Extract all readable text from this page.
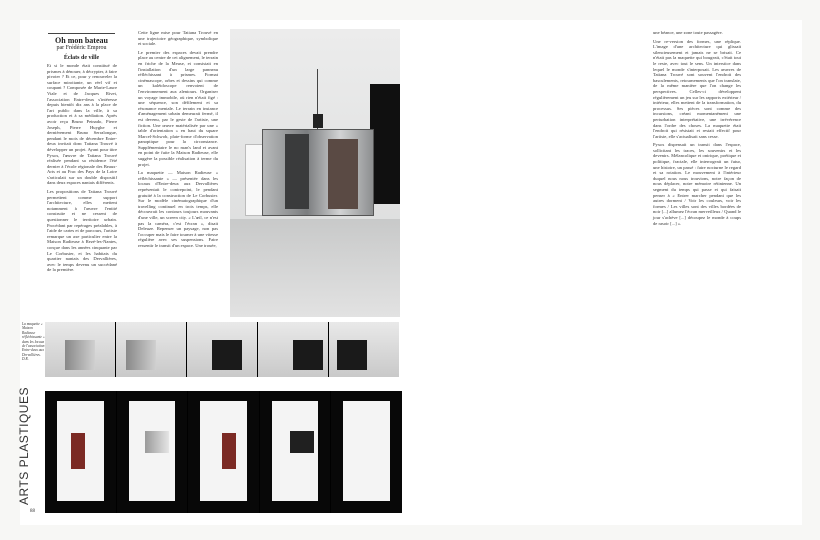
Oh mon bateau
par Frédéric Emprou
Éclats de ville

Et si le monde était constitué de prismes à dénouer, à décrypter, à faire pivoter ? Et ce, pour y renouveler la surface miroitante, un réel vif et coupant ? Composée de Marie-Laure Viale et de Jacques Rivet, l'association Entre-deux s'intéresse depuis bientôt dix ans à la place de l'art public dans la ville, à sa production et à sa médiation. Après avoir reçu Bruno Peinado, Pierre Joseph, Pierre Huyghe et dernièrement Bruno Serralongue, pendant le mois de décembre Entre-deux invitait donc Tatiana Trouvé à développer un projet. Ayant pour titre Pyxos, l'œuvre de Tatiana Trouvé réalisée pendant sa résidence l'été dernier à l'école régionale des Beaux-Arts et au Frac des Pays de la Loire s'articulait sur un double dispositif dans deux espaces nantais différents.

Les propositions de Tatiana Trouvé permettent comme support l'architecture, elles mettent notamment à l'œuvre l'entité construite et ne cessent de questionner le territoire urbain. Procédant par repérages préalables, à l'aide de cartes et de parcours, l'artiste remarque un axe particulier entre la Maison Radieuse à Rezé-les-Nantes, conçue dans les années cinquante par Le Corbusier, et les habitats du quartier nantais des Dervallières, avec le temps devenu un succédané de la première.

Cette ligne mise pour Tatiana Trouvé en une trajectoire géographique, symbolique et sociale.

Le premier des espaces devait prendre place au centre de cet alignement, le terrain en friche de la Meuse, et consistait en l'installation d'un large panneau réfléchissant à prismes. Format cinémascope, orbes et dessins qui comme un kaléidoscope renvoient de l'environnement aux alentours. Organiser un voyage immobile, où rien n'était figé : une séquence, son défilement et sa résonance mentale. Le terrain en instance d'aménagement urbain demeurait fermé, il est devenu, par le geste de l'artiste, une fiction. Une œuvre matérialisée par une « table d'orientation » en haut du square Marcel-Schwob, plate-forme d'observation panoptique pour la circonstance. Supplémentaire le no man's land et avant en point de fuite la Maison Radieuse, elle suggère la possible réalisation à terme du projet.

La maquette — Maison Radieuse « réfléchissante » — présentée dans les locaux d'Entre-deux aux Dervallières représentait le contrepoint, le pendant gratuité à la construction de Le Corbusier. Sur le modèle cinématographique d'un travelling continuel en trois temps, elle découvrait les contours toujours mouvants d'une ville, un screen city. « L'œil, ce n'est pas la caméra, c'est l'écran », disait Deleuze. Repenser un paysage, non pas l'occuper mais le faire tourner à une vitesse régulière avec ses suspensions. Faire ressentir le transit d'un espace. Une trouée,

une béance, une zone toute passagère.

Une re-version des formes, une réplique. L'image d'une architecture qui glissait silencieusement et jamais ne se brisait. Ce n'était pas la maquette qui bougeait, c'était tout le reste, avec tout le sens. Un interstice dans lequel le monde s'interposait. Les œuvres de Tatiana Trouvé sont souvent l'endroit des basculements, retournements que l'on translate, de la même manière que l'on change les perspectives. Celles-ci développent régulièrement un jeu sur les rapports extérieur / intérieur, elles mettent de la transformation, du processus. Ses pièces sont comme des incursions, créant momentanément une perturbation interprétative, une irrévérence dans l'ordre des choses. La maquette était l'endroit qui résistait et restait effectif pour l'artiste, elle s'actualisait sans cesse.

Pyxos dispensait un transit dans l'espace, sollicitant les traces, les souvenirs et les devenirs. Mélancolique et onirique, poétique et politique, fractale, elle interrogeait un futur, une histoire, un passé : faire nocturne le regard et sa rotation. Le mouvement à l'intérieur duquel nous nous trouvions, notre façon de nous déplacer, notre mémoire rétinienne. Un segment du temps qui passe et qui faisait penser à « Entrer marcher pendant que les autres dorment / Voir les couleurs, voir les formes / Les villes sont des villes bordées de noir [...] allumez l'écran merveilleux / Quand le jour s'achève [...] découpez le monde à coups de rasoir [...] ».

La maquette « Maison Radieuse réfléchissante » dans les locaux de l'association Entre-deux aux Dervallières. D.R.
ARTS PLASTIQUES
88
